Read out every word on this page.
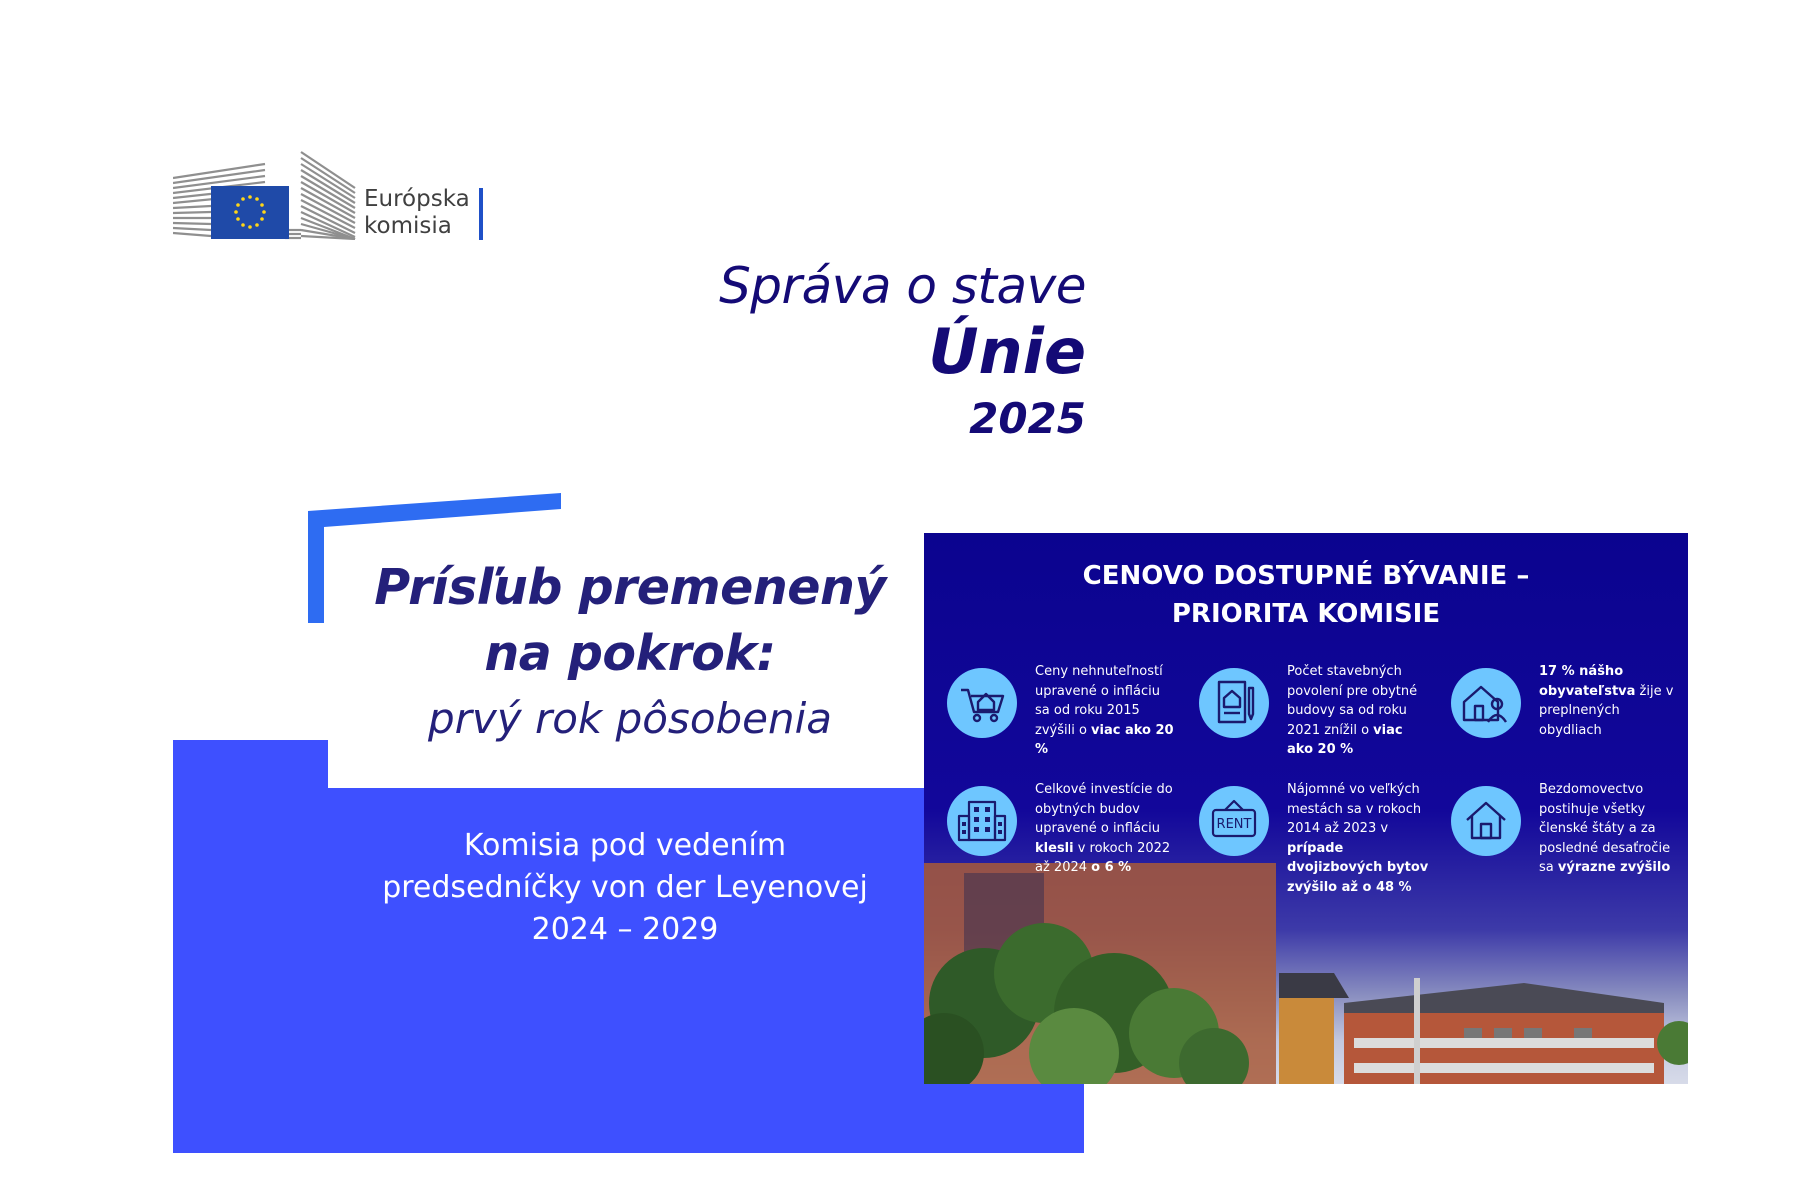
Európska
komisia
Správa o stave
Únie
2025
Prísľub premenený
na pokrok:
prvý rok pôsobenia
Komisia pod vedením
predsedníčky von der Leyenovej
2024 – 2029
CENOVO DOSTUPNÉ BÝVANIE –
PRIORITA KOMISIE
Ceny nehnuteľností upravené o infláciu sa od roku 2015 zvýšili o viac ako 20 %
Počet stavebných povolení pre obytné budovy sa od roku 2021 znížil o viac ako 20 %
17 % nášho obyvateľstva žije v preplnených obydliach
Celkové investície do obytných budov upravené o infláciu klesli v rokoch 2022 až 2024 o 6 %
RENT
Nájomné vo veľkých mestách sa v rokoch 2014 až 2023 v prípade dvojizbových bytov zvýšilo až o 48 %
Bezdomovectvo postihuje všetky členské štáty a za posledné desaťročie sa výrazne zvýšilo
